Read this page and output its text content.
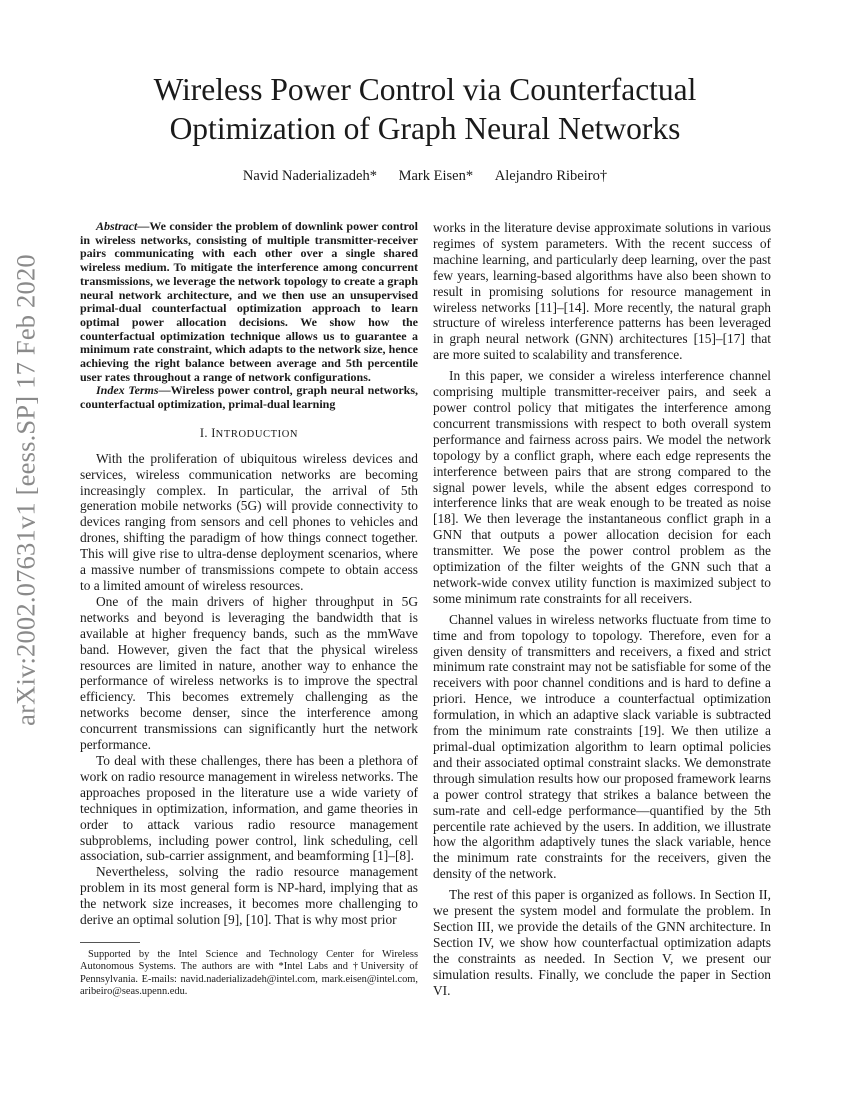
arXiv:2002.07631v1 [eess.SP] 17 Feb 2020
Wireless Power Control via Counterfactual
Optimization of Graph Neural Networks
Navid Naderializadeh* Mark Eisen* Alejandro Ribeiro†

Abstract—We consider the problem of downlink power control in wireless networks, consisting of multiple transmitter-receiver pairs communicating with each other over a single shared wireless medium. To mitigate the interference among concurrent transmissions, we leverage the network topology to create a graph neural network architecture, and we then use an unsupervised primal-dual counterfactual optimization approach to learn optimal power allocation decisions. We show how the counterfactual optimization technique allows us to guarantee a minimum rate constraint, which adapts to the network size, hence achieving the right balance between average and 5th percentile user rates throughout a range of network configurations.

Index Terms—Wireless power control, graph neural networks, counterfactual optimization, primal-dual learning

I. INTRODUCTION

With the proliferation of ubiquitous wireless devices and services, wireless communication networks are becoming increasingly complex. In particular, the arrival of 5th generation mobile networks (5G) will provide connectivity to devices ranging from sensors and cell phones to vehicles and drones, shifting the paradigm of how things connect together. This will give rise to ultra-dense deployment scenarios, where a massive number of transmissions compete to obtain access to a limited amount of wireless resources.

One of the main drivers of higher throughput in 5G networks and beyond is leveraging the bandwidth that is available at higher frequency bands, such as the mmWave band. However, given the fact that the physical wireless resources are limited in nature, another way to enhance the performance of wireless networks is to improve the spectral efficiency. This becomes extremely challenging as the networks become denser, since the interference among concurrent transmissions can significantly hurt the network performance.

To deal with these challenges, there has been a plethora of work on radio resource management in wireless networks. The approaches proposed in the literature use a wide variety of techniques in optimization, information, and game theories in order to attack various radio resource management subproblems, including power control, link scheduling, cell association, sub-carrier assignment, and beamforming [1]–[8].

Nevertheless, solving the radio resource management problem in its most general form is NP-hard, implying that as the network size increases, it becomes more challenging to derive an optimal solution [9], [10]. That is why most prior

works in the literature devise approximate solutions in various regimes of system parameters. With the recent success of machine learning, and particularly deep learning, over the past few years, learning-based algorithms have also been shown to result in promising solutions for resource management in wireless networks [11]–[14]. More recently, the natural graph structure of wireless interference patterns has been leveraged in graph neural network (GNN) architectures [15]–[17] that are more suited to scalability and transference.

In this paper, we consider a wireless interference channel comprising multiple transmitter-receiver pairs, and seek a power control policy that mitigates the interference among concurrent transmissions with respect to both overall system performance and fairness across pairs. We model the network topology by a conflict graph, where each edge represents the interference between pairs that are strong compared to the signal power levels, while the absent edges correspond to interference links that are weak enough to be treated as noise [18]. We then leverage the instantaneous conflict graph in a GNN that outputs a power allocation decision for each transmitter. We pose the power control problem as the optimization of the filter weights of the GNN such that a network-wide convex utility function is maximized subject to some minimum rate constraints for all receivers.

Channel values in wireless networks fluctuate from time to time and from topology to topology. Therefore, even for a given density of transmitters and receivers, a fixed and strict minimum rate constraint may not be satisfiable for some of the receivers with poor channel conditions and is hard to define a priori. Hence, we introduce a counterfactual optimization formulation, in which an adaptive slack variable is subtracted from the minimum rate constraints [19]. We then utilize a primal-dual optimization algorithm to learn optimal policies and their associated optimal constraint slacks. We demonstrate through simulation results how our proposed framework learns a power control strategy that strikes a balance between the sum-rate and cell-edge performance—quantified by the 5th percentile rate achieved by the users. In addition, we illustrate how the algorithm adaptively tunes the slack variable, hence the minimum rate constraints for the receivers, given the density of the network.

The rest of this paper is organized as follows. In Section II, we present the system model and formulate the problem. In Section III, we provide the details of the GNN architecture. In Section IV, we show how counterfactual optimization adapts the constraints as needed. In Section V, we present our simulation results. Finally, we conclude the paper in Section VI.

Supported by the Intel Science and Technology Center for Wireless Autonomous Systems. The authors are with *Intel Labs and †University of Pennsylvania. E-mails: navid.naderializadeh@intel.com, mark.eisen@intel.com, aribeiro@seas.upenn.edu.
